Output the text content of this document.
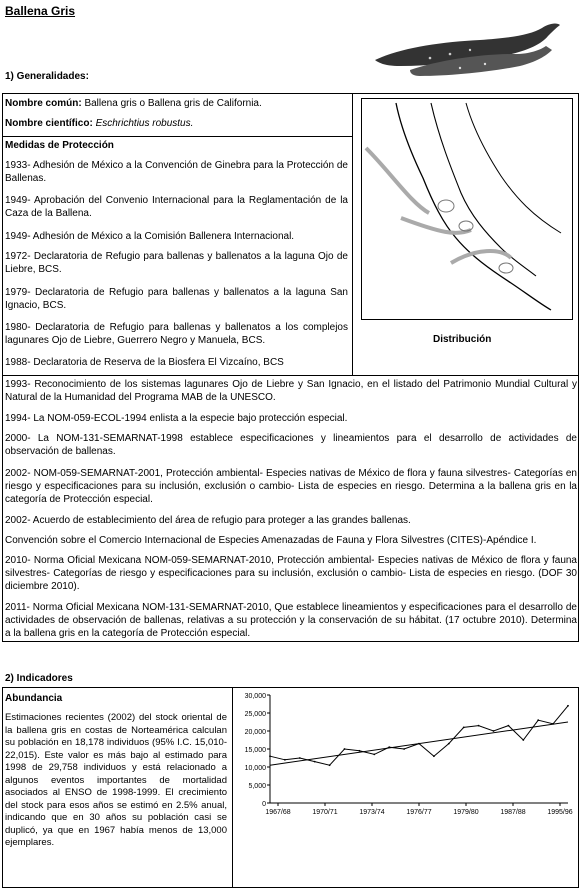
Ballena Gris
1) Generalidades:
Nombre común: Ballena gris o Ballena gris de California.
Nombre científico: Eschrichtius robustus.
Medidas de Protección
1933- Adhesión de México a la Convención de Ginebra para la Protección de Ballenas.
1949- Aprobación del Convenio Internacional para la Reglamentación de la Caza de la Ballena.
1949- Adhesión de México a la Comisión Ballenera Internacional.
1972- Declaratoria de Refugio para ballenas y ballenatos a la laguna Ojo de Liebre, BCS.
1979- Declaratoria de Refugio para ballenas y ballenatos a la laguna San Ignacio, BCS.
1980- Declaratoria de Refugio para ballenas y ballenatos a los complejos lagunares Ojo de Liebre, Guerrero Negro y Manuela, BCS.
1988- Declaratoria de Reserva de la Biosfera El Vizcaíno, BCS
Distribución
1993- Reconocimiento de los sistemas lagunares Ojo de Liebre y San Ignacio, en el listado del Patrimonio Mundial Cultural y Natural de la Humanidad del Programa MAB de la UNESCO.
1994- La NOM-059-ECOL-1994 enlista a la especie bajo protección especial.
2000- La NOM-131-SEMARNAT-1998 establece especificaciones y lineamientos para el desarrollo de actividades de observación de ballenas.
2002- NOM-059-SEMARNAT-2001, Protección ambiental- Especies nativas de México de flora y fauna silvestres- Categorías en riesgo y especificaciones para su inclusión, exclusión o cambio- Lista de especies en riesgo. Determina a la ballena gris en la categoría de Protección especial.
2002- Acuerdo de establecimiento del área de refugio para proteger a las grandes ballenas.
Convención sobre el Comercio Internacional de Especies Amenazadas de Fauna y Flora Silvestres (CITES)-Apéndice I.
2010- Norma Oficial Mexicana NOM-059-SEMARNAT-2010, Protección ambiental- Especies nativas de México de flora y fauna silvestres- Categorías de riesgo y especificaciones para su inclusión, exclusión o cambio- Lista de especies en riesgo. (DOF 30 diciembre 2010).
2011- Norma Oficial Mexicana NOM-131-SEMARNAT-2010, Que establece lineamientos y especificaciones para el desarrollo de actividades de observación de ballenas, relativas a su protección y la conservación de su hábitat. (17 octubre 2010). Determina a la ballena gris en la categoría de Protección especial.
2) Indicadores
Abundancia
Estimaciones recientes (2002) del stock oriental de la ballena gris en costas de Norteamérica calculan su población en 18,178 individuos (95% I.C. 15,010-22,015). Este valor es más bajo al estimado para 1998 de 29,758 individuos y está relacionado a algunos eventos importantes de mortalidad asociados al ENSO de 1998-1999. El crecimiento del stock para esos años se estimó en 2.5% anual, indicando que en 30 años su población casi se duplicó, ya que en 1967 había menos de 13,000 ejemplares.
0
5,000
10,000
15,000
20,000
25,000
30,000
1967/68	1970/71	1973/74	1976/77	1979/80	1987/88	1995/96
